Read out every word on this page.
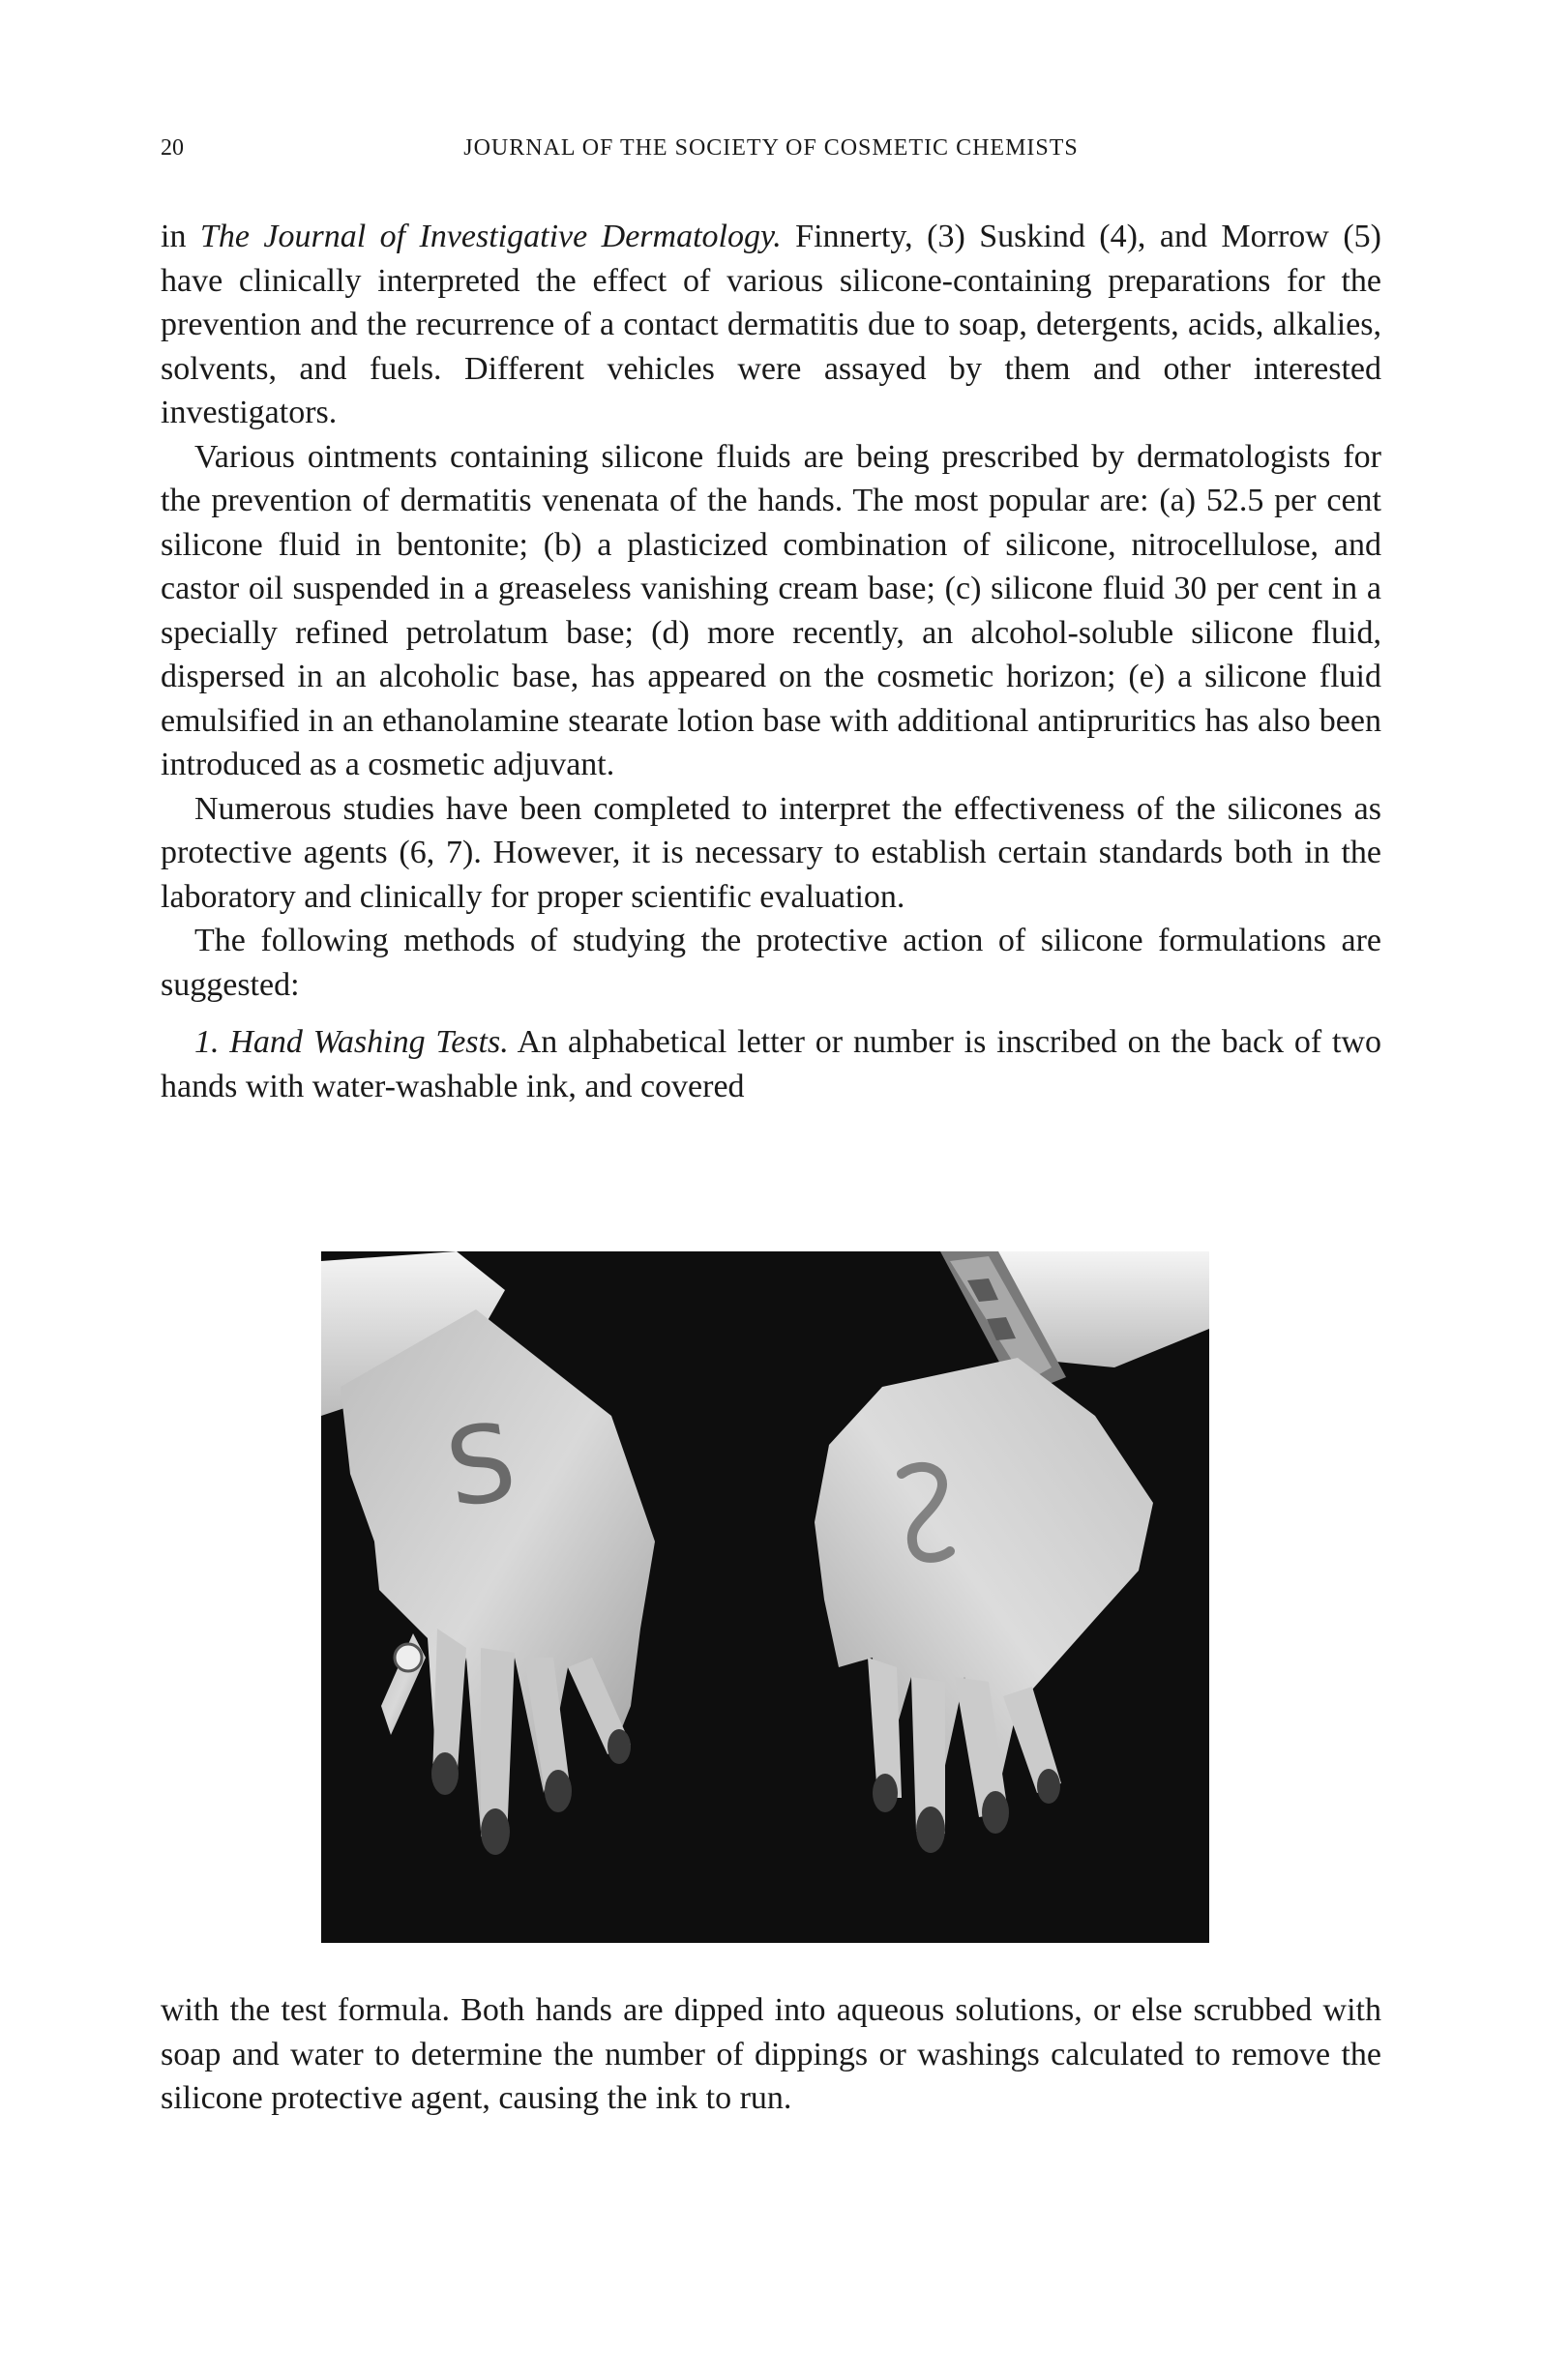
20	JOURNAL OF THE SOCIETY OF COSMETIC CHEMISTS

in The Journal of Investigative Dermatology. Finnerty, (3) Suskind (4), and Morrow (5) have clinically interpreted the effect of various silicone-containing preparations for the prevention and the recurrence of a contact dermatitis due to soap, detergents, acids, alkalies, solvents, and fuels. Different vehicles were assayed by them and other interested investigators.

Various ointments containing silicone fluids are being prescribed by dermatologists for the prevention of dermatitis venenata of the hands. The most popular are: (a) 52.5 per cent silicone fluid in bentonite; (b) a plasticized combination of silicone, nitrocellulose, and castor oil suspended in a greaseless vanishing cream base; (c) silicone fluid 30 per cent in a specially refined petrolatum base; (d) more recently, an alcohol-soluble silicone fluid, dispersed in an alcoholic base, has appeared on the cosmetic horizon; (e) a silicone fluid emulsified in an ethanolamine stearate lotion base with additional antipruritics has also been introduced as a cosmetic adjuvant.

Numerous studies have been completed to interpret the effectiveness of the silicones as protective agents (6, 7). However, it is necessary to establish certain standards both in the laboratory and clinically for proper scientific evaluation.

The following methods of studying the protective action of silicone formulations are suggested:

1. Hand Washing Tests. An alphabetical letter or number is inscribed on the back of two hands with water-washable ink, and covered

S

with the test formula. Both hands are dipped into aqueous solutions, or else scrubbed with soap and water to determine the number of dippings or washings calculated to remove the silicone protective agent, causing the ink to run.
